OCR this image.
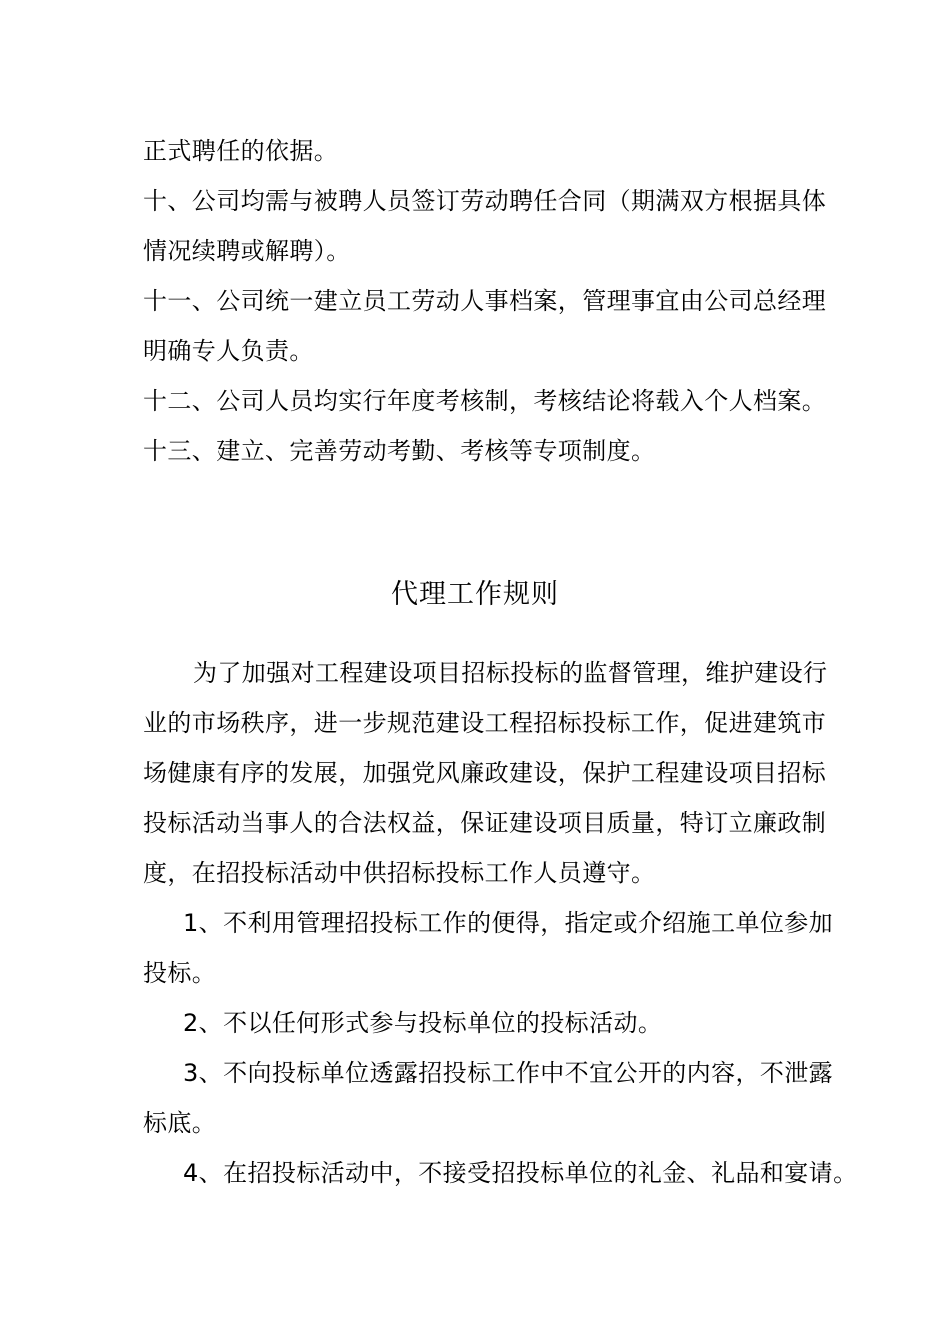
正式聘任的依据。
十、公司均需与被聘人员签订劳动聘任合同（期满双方根据具体
情况续聘或解聘）。
十一、公司统一建立员工劳动人事档案，管理事宜由公司总经理
明确专人负责。
十二、公司人员均实行年度考核制，考核结论将载入个人档案。
十三、建立、完善劳动考勤、考核等专项制度。
代理工作规则
为了加强对工程建设项目招标投标的监督管理，维护建设行
业的市场秩序，进一步规范建设工程招标投标工作，促进建筑市
场健康有序的发展，加强党风廉政建设，保护工程建设项目招标
投标活动当事人的合法权益，保证建设项目质量，特订立廉政制
度，在招投标活动中供招标投标工作人员遵守。
1、不利用管理招投标工作的便得，指定或介绍施工单位参加
投标。
2、不以任何形式参与投标单位的投标活动。
3、不向投标单位透露招投标工作中不宜公开的内容，不泄露
标底。
4、在招投标活动中，不接受招投标单位的礼金、礼品和宴请。
